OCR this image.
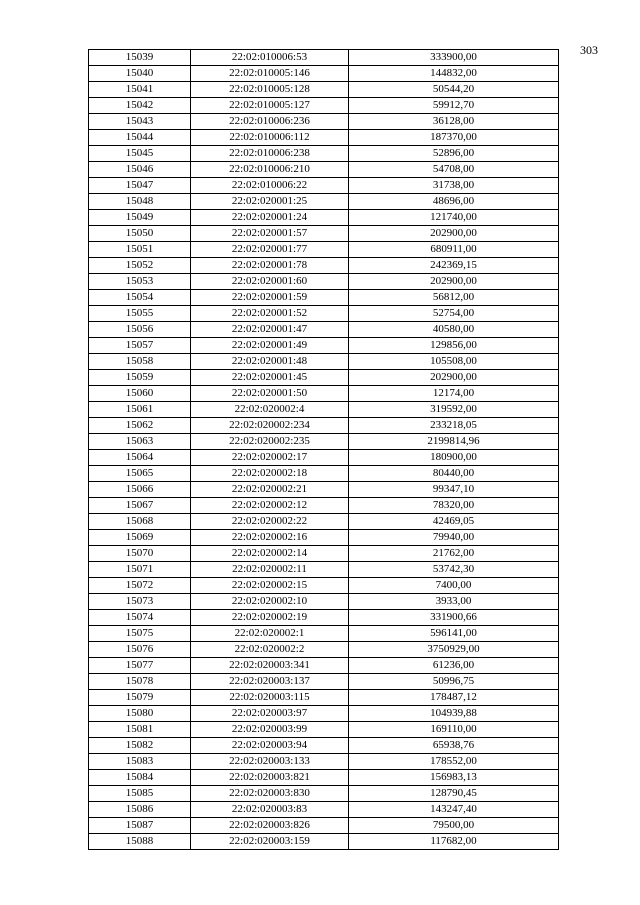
303
15039	22:02:010006:53	333900,00
15040	22:02:010005:146	144832,00
15041	22:02:010005:128	50544,20
15042	22:02:010005:127	59912,70
15043	22:02:010006:236	36128,00
15044	22:02:010006:112	187370,00
15045	22:02:010006:238	52896,00
15046	22:02:010006:210	54708,00
15047	22:02:010006:22	31738,00
15048	22:02:020001:25	48696,00
15049	22:02:020001:24	121740,00
15050	22:02:020001:57	202900,00
15051	22:02:020001:77	680911,00
15052	22:02:020001:78	242369,15
15053	22:02:020001:60	202900,00
15054	22:02:020001:59	56812,00
15055	22:02:020001:52	52754,00
15056	22:02:020001:47	40580,00
15057	22:02:020001:49	129856,00
15058	22:02:020001:48	105508,00
15059	22:02:020001:45	202900,00
15060	22:02:020001:50	12174,00
15061	22:02:020002:4	319592,00
15062	22:02:020002:234	233218,05
15063	22:02:020002:235	2199814,96
15064	22:02:020002:17	180900,00
15065	22:02:020002:18	80440,00
15066	22:02:020002:21	99347,10
15067	22:02:020002:12	78320,00
15068	22:02:020002:22	42469,05
15069	22:02:020002:16	79940,00
15070	22:02:020002:14	21762,00
15071	22:02:020002:11	53742,30
15072	22:02:020002:15	7400,00
15073	22:02:020002:10	3933,00
15074	22:02:020002:19	331900,66
15075	22:02:020002:1	596141,00
15076	22:02:020002:2	3750929,00
15077	22:02:020003:341	61236,00
15078	22:02:020003:137	50996,75
15079	22:02:020003:115	178487,12
15080	22:02:020003:97	104939,88
15081	22:02:020003:99	169110,00
15082	22:02:020003:94	65938,76
15083	22:02:020003:133	178552,00
15084	22:02:020003:821	156983,13
15085	22:02:020003:830	128790,45
15086	22:02:020003:83	143247,40
15087	22:02:020003:826	79500,00
15088	22:02:020003:159	117682,00
